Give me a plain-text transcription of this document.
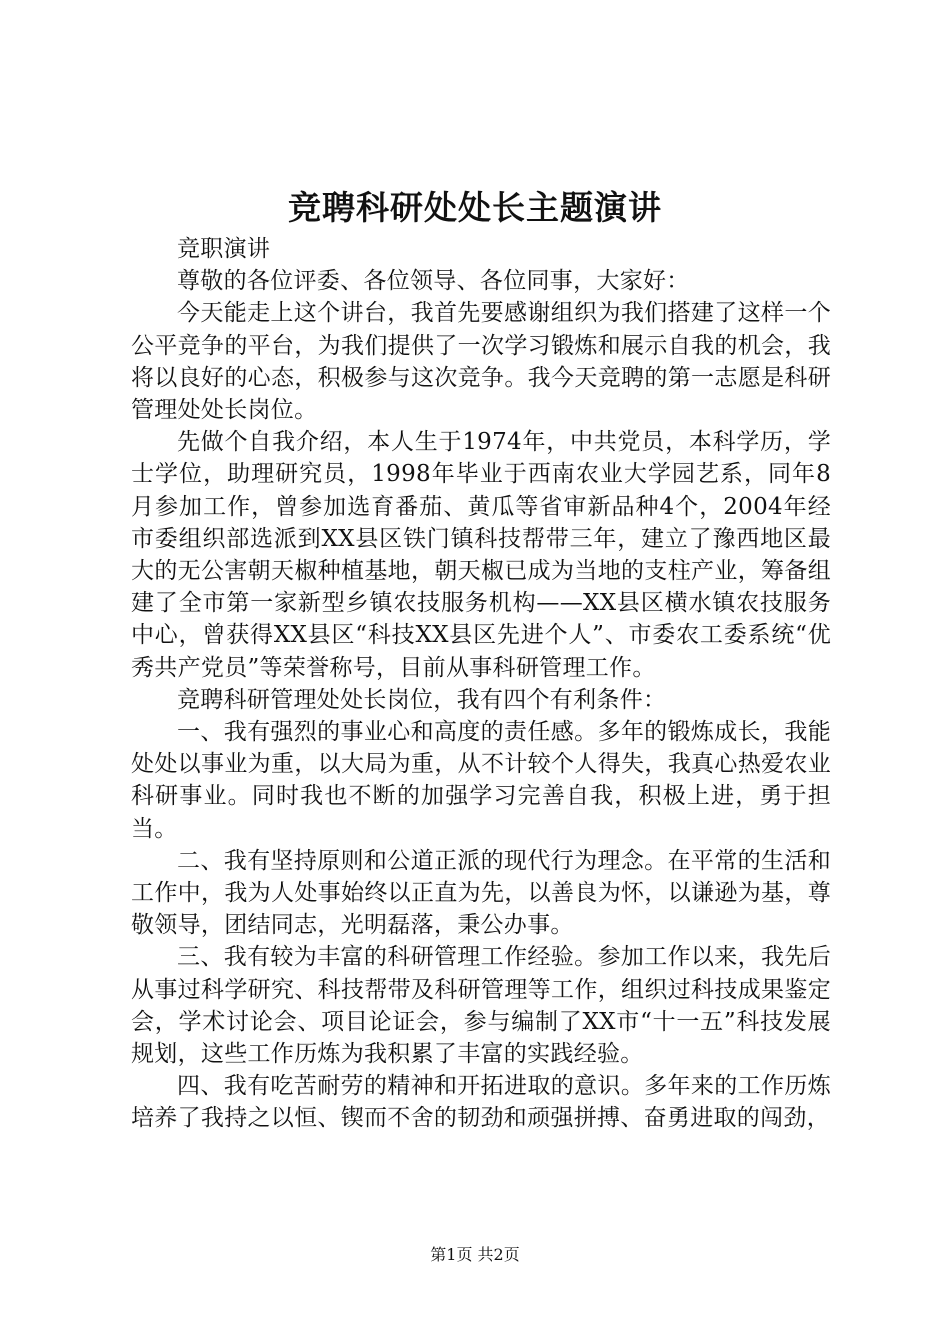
竞聘科研处处长主题演讲

竞职演讲

尊敬的各位评委、各位领导、各位同事，大家好：

今天能走上这个讲台，我首先要感谢组织为我们搭建了这样一个公平竞争的平台，为我们提供了一次学习锻炼和展示自我的机会，我将以良好的心态，积极参与这次竞争。我今天竞聘的第一志愿是科研管理处处长岗位。

先做个自我介绍，本人生于1974年，中共党员，本科学历，学士学位，助理研究员，1998年毕业于西南农业大学园艺系，同年8月参加工作，曾参加选育番茄、黄瓜等省审新品种4个，2004年经市委组织部选派到XX县区铁门镇科技帮带三年，建立了豫西地区最大的无公害朝天椒种植基地，朝天椒已成为当地的支柱产业，筹备组建了全市第一家新型乡镇农技服务机构——XX县区横水镇农技服务中心，曾获得XX县区“科技XX县区先进个人”、市委农工委系统“优秀共产党员”等荣誉称号，目前从事科研管理工作。

竞聘科研管理处处长岗位，我有四个有利条件：

一、我有强烈的事业心和高度的责任感。多年的锻炼成长，我能处处以事业为重，以大局为重，从不计较个人得失，我真心热爱农业科研事业。同时我也不断的加强学习完善自我，积极上进，勇于担当。

二、我有坚持原则和公道正派的现代行为理念。在平常的生活和工作中，我为人处事始终以正直为先，以善良为怀，以谦逊为基，尊敬领导，团结同志，光明磊落，秉公办事。

三、我有较为丰富的科研管理工作经验。参加工作以来，我先后从事过科学研究、科技帮带及科研管理等工作，组织过科技成果鉴定会，学术讨论会、项目论证会，参与编制了XX市“十一五”科技发展规划，这些工作历炼为我积累了丰富的实践经验。

四、我有吃苦耐劳的精神和开拓进取的意识。多年来的工作历炼培养了我持之以恒、锲而不舍的韧劲和顽强拼搏、奋勇进取的闯劲，

第1页 共2页
